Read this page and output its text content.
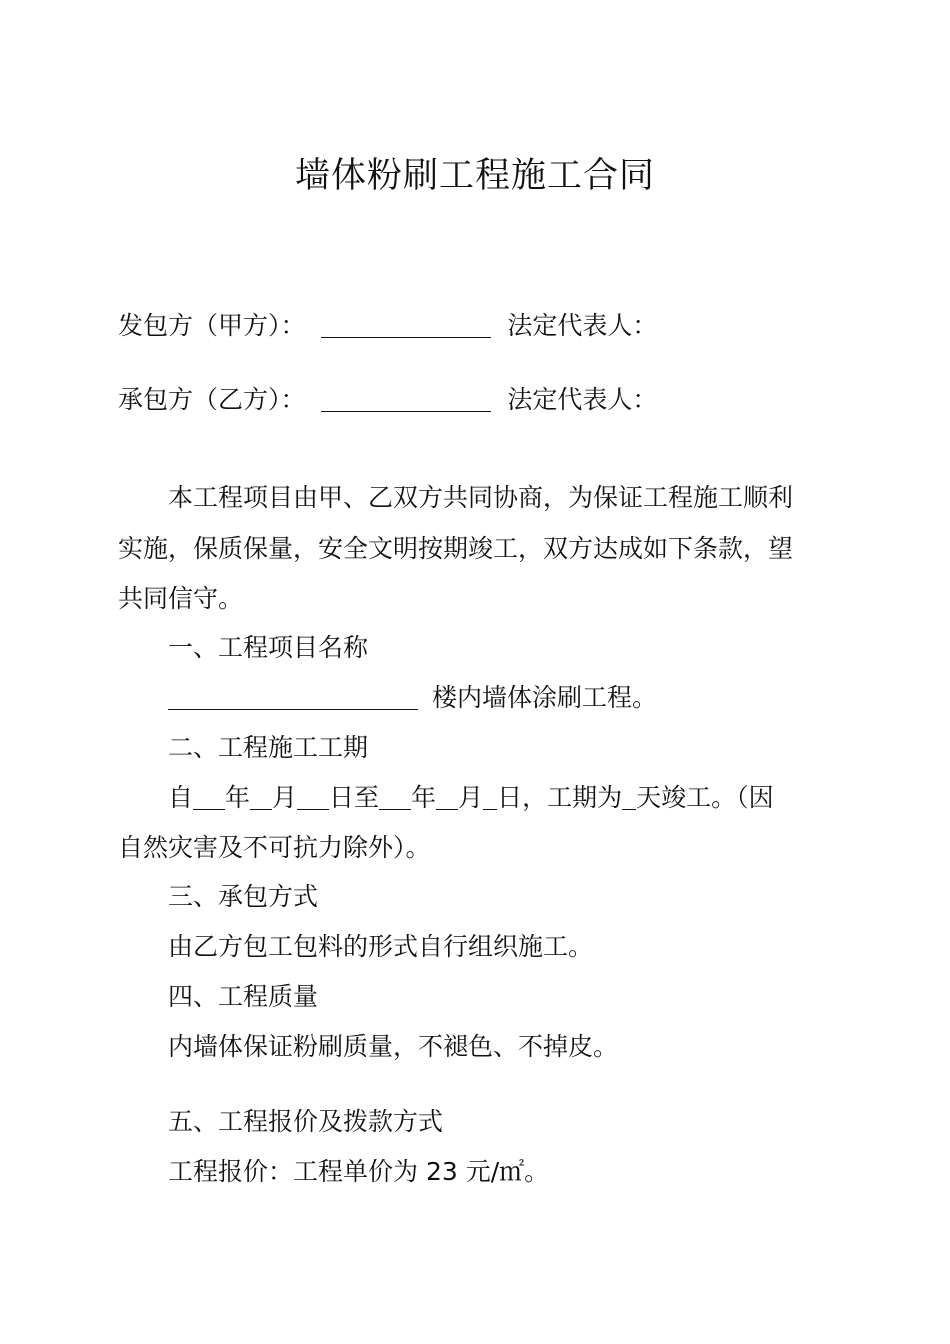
墙体粉刷工程施工合同
发包方（甲方）：	法定代表人：
承包方（乙方）：	法定代表人：
本工程项目由甲、乙双方共同协商，为保证工程施工顺利
实施，保质保量，安全文明按期竣工，双方达成如下条款，望
共同信守。
一、工程项目名称
楼内墙体涂刷工程。
二、工程施工工期
自 年 月 日至 年 月 日，工期为 天竣工。（因
自然灾害及不可抗力除外）。
三、承包方式
由乙方包工包料的形式自行组织施工。
四、工程质量
内墙体保证粉刷质量，不褪色、不掉皮。
五、工程报价及拨款方式
工程报价：工程单价为 23 元/㎡。
